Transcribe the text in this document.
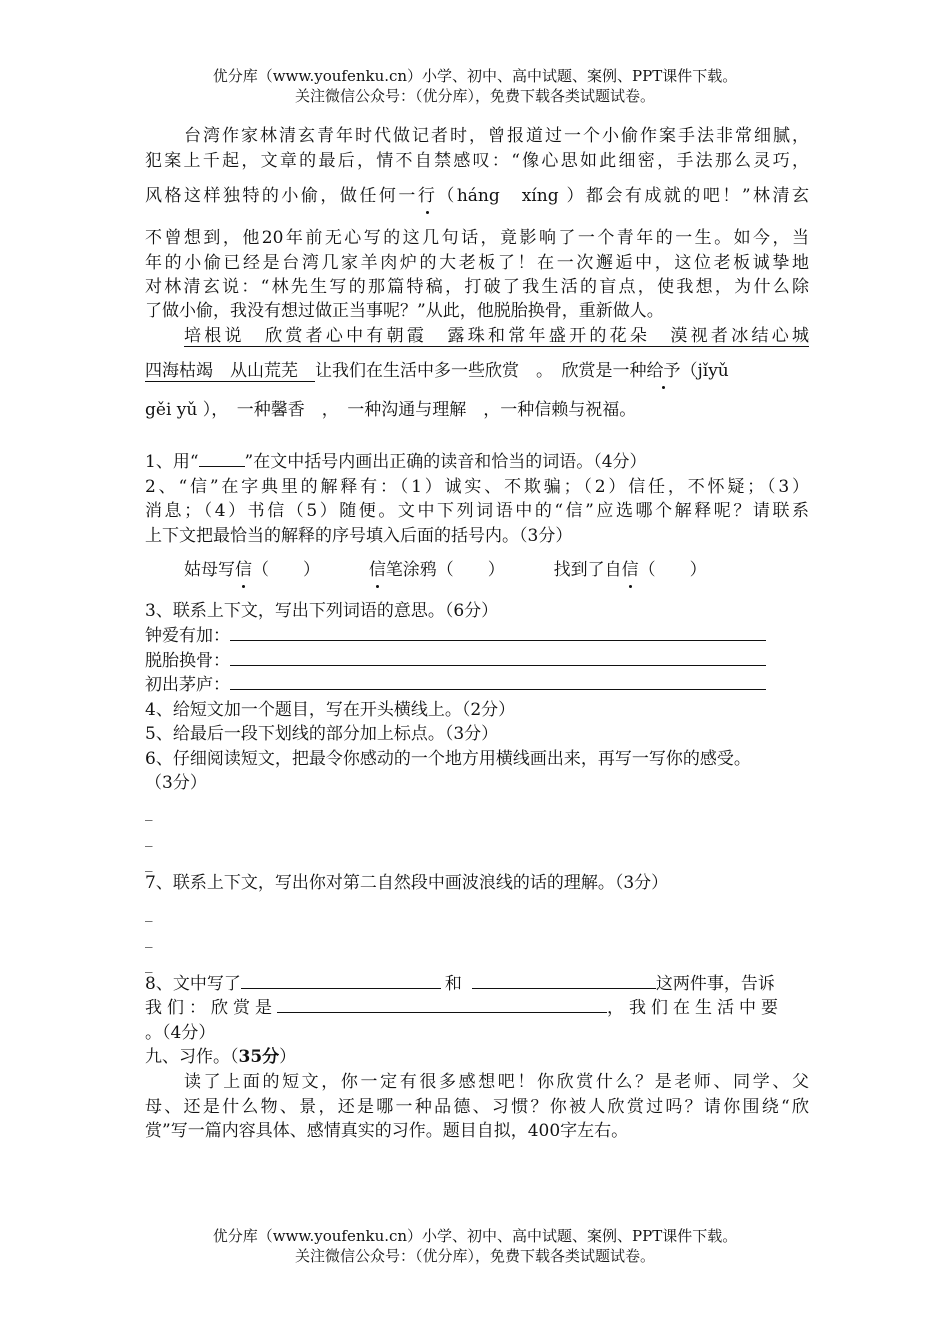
优分库（www.youfenku.cn）小学、初中、高中试题、案例、PPT课件下载。
关注微信公众号：（优分库），免费下载各类试题试卷。
台湾作家林清玄青年时代做记者时，曾报道过一个小偷作案手法非常细腻，
犯案上千起，文章的最后，情不自禁感叹：“像心思如此细密，手法那么灵巧，
风格这样独特的小偷，做任何一行（háng　xíng ）都会有成就的吧！”林清玄
不曾想到，他20年前无心写的这几句话，竟影响了一个青年的一生。如今，当
年的小偷已经是台湾几家羊肉炉的大老板了！在一次邂逅中，这位老板诚挚地
对林清玄说：“林先生写的那篇特稿，打破了我生活的盲点，使我想，为什么除
了做小偷，我没有想过做正当事呢？”从此，他脱胎换骨，重新做人。
培根说　欣赏者心中有朝霞　露珠和常年盛开的花朵　漠视者冰结心城
四海枯竭　从山荒芜　让我们在生活中多一些欣赏　。　欣赏是一种给予（jǐyǔ
gěi yǔ ），　一种馨香　，　一种沟通与理解　，一种信赖与祝福。
1、用“	”在文中括号内画出正确的读音和恰当的词语。（4分）
2、“信”在字典里的解释有：（1）诚实、不欺骗；（2）信任，不怀疑；（3）
消息；（4）书信（5）随便。文中下列词语中的“信”应选哪个解释呢？请联系
上下文把最恰当的解释的序号填入后面的括号内。（3分）
姑母写信（　　）	信笔涂鸦（　　）	找到了自信（　　）
3、联系上下文，写出下列词语的意思。（6分）
钟爱有加：
脱胎换骨：
初出茅庐：
4、给短文加一个题目，写在开头横线上。（2分）
5、给最后一段下划线的部分加上标点。（3分）
6、仔细阅读短文，把最令你感动的一个地方用横线画出来，再写一写你的感受。
（3分）
_
_
_
7、联系上下文，写出你对第二自然段中画波浪线的话的理解。（3分）
_
_
_
8、文中写了	和	这两件事，告诉
我们：欣赏是	，我们在生活中要
。（4分）
九、习作。（35分）
读了上面的短文，你一定有很多感想吧！你欣赏什么？是老师、同学、父
母、还是什么物、景，还是哪一种品德、习惯？你被人欣赏过吗？请你围绕“欣
赏”写一篇内容具体、感情真实的习作。题目自拟，400字左右。
优分库（www.youfenku.cn）小学、初中、高中试题、案例、PPT课件下载。
关注微信公众号：（优分库），免费下载各类试题试卷。
